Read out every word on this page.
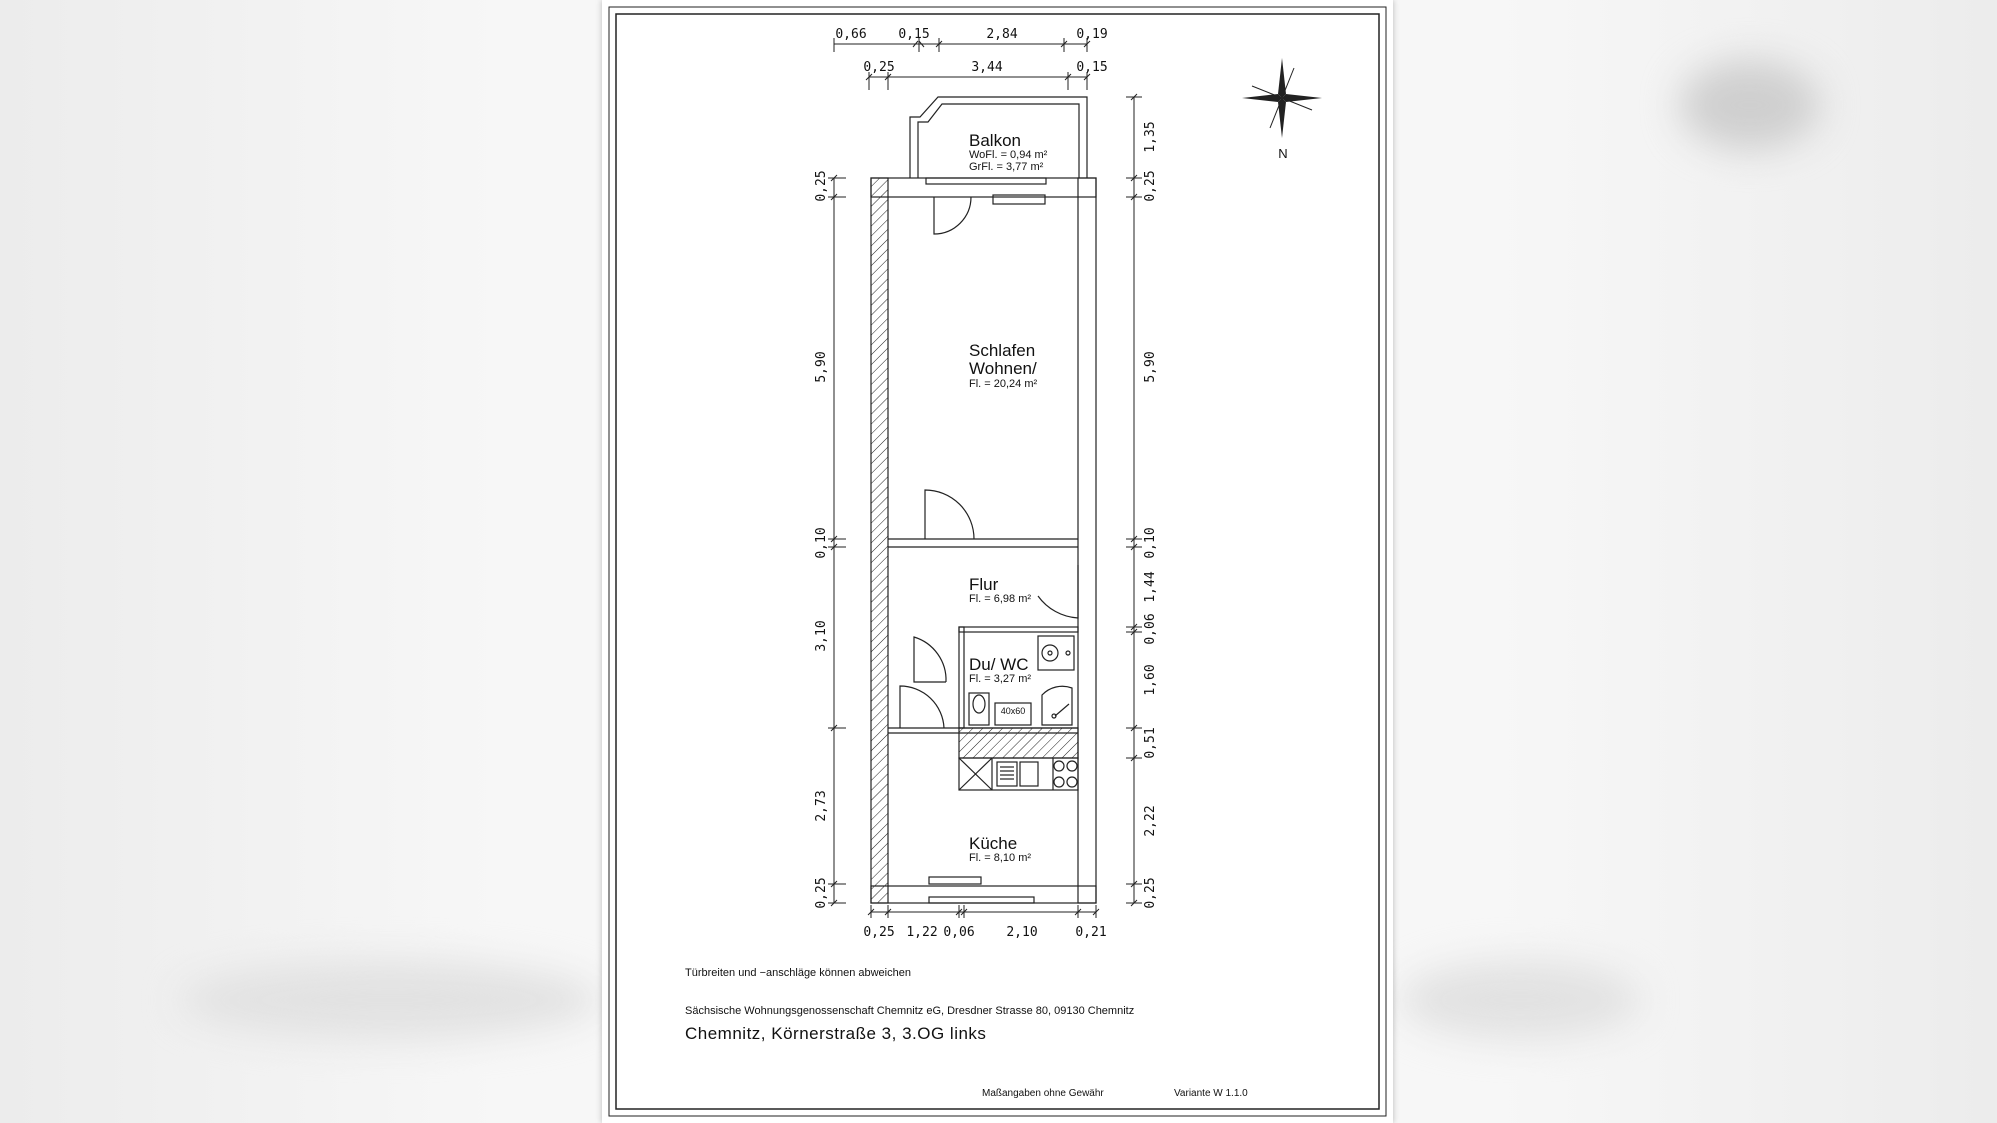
N
0,66 0,15	2,84	0,19
0,25	3,44	0,15
0,25
5,90
0,10
3,10
2,73
0,25
1,35
0,25
5,90
0,10
1,44
0,06
1,60
0,51
2,22
0,25
0,25 1,22 0,06 2,10	0,21
40x60
Balkon
WoFl. = 0,94 m²
GrFl. = 3,77 m²
Schlafen
Wohnen/
Fl. = 20,24 m²
Flur
Fl. = 6,98 m²
Du/ WC
Fl. = 3,27 m²
Küche
Fl. = 8,10 m²
Türbreiten und −anschläge können abweichen
Sächsische Wohnungsgenossenschaft Chemnitz eG, Dresdner Strasse 80, 09130 Chemnitz
Chemnitz, Körnerstraße 3, 3.OG links
Maßangaben ohne Gewähr	Variante W 1.1.0
